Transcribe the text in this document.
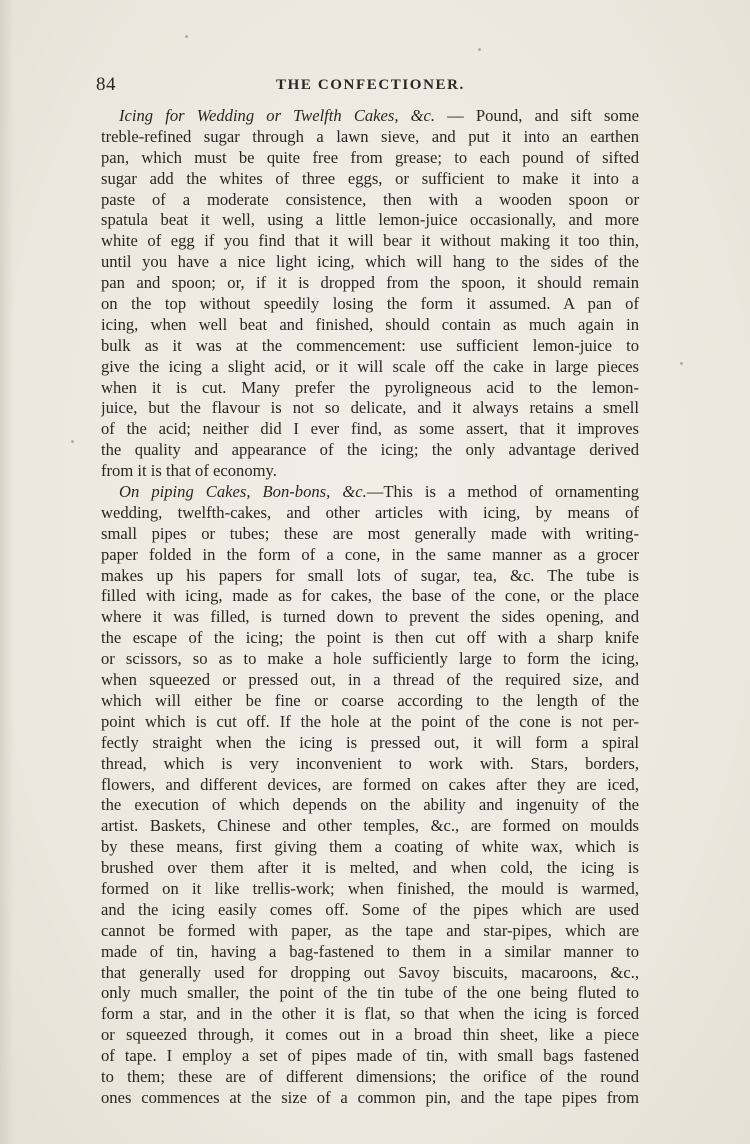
84	THE CONFECTIONER.
Icing for Wedding or Twelfth Cakes, &c. — Pound, and sift some
treble-refined sugar through a lawn sieve, and put it into an earthen
pan, which must be quite free from grease; to each pound of sifted
sugar add the whites of three eggs, or sufficient to make it into a
paste of a moderate consistence, then with a wooden spoon or
spatula beat it well, using a little lemon-juice occasionally, and more
white of egg if you find that it will bear it without making it too thin,
until you have a nice light icing, which will hang to the sides of the
pan and spoon; or, if it is dropped from the spoon, it should remain
on the top without speedily losing the form it assumed. A pan of
icing, when well beat and finished, should contain as much again in
bulk as it was at the commencement: use sufficient lemon-juice to
give the icing a slight acid, or it will scale off the cake in large pieces
when it is cut. Many prefer the pyroligneous acid to the lemon-
juice, but the flavour is not so delicate, and it always retains a smell
of the acid; neither did I ever find, as some assert, that it improves
the quality and appearance of the icing; the only advantage derived
from it is that of economy.
On piping Cakes, Bon-bons, &c.—This is a method of ornamenting
wedding, twelfth-cakes, and other articles with icing, by means of
small pipes or tubes; these are most generally made with writing-
paper folded in the form of a cone, in the same manner as a grocer
makes up his papers for small lots of sugar, tea, &c. The tube is
filled with icing, made as for cakes, the base of the cone, or the place
where it was filled, is turned down to prevent the sides opening, and
the escape of the icing; the point is then cut off with a sharp knife
or scissors, so as to make a hole sufficiently large to form the icing,
when squeezed or pressed out, in a thread of the required size, and
which will either be fine or coarse according to the length of the
point which is cut off. If the hole at the point of the cone is not per-
fectly straight when the icing is pressed out, it will form a spiral
thread, which is very inconvenient to work with. Stars, borders,
flowers, and different devices, are formed on cakes after they are iced,
the execution of which depends on the ability and ingenuity of the
artist. Baskets, Chinese and other temples, &c., are formed on moulds
by these means, first giving them a coating of white wax, which is
brushed over them after it is melted, and when cold, the icing is
formed on it like trellis-work; when finished, the mould is warmed,
and the icing easily comes off. Some of the pipes which are used
cannot be formed with paper, as the tape and star-pipes, which are
made of tin, having a bag-fastened to them in a similar manner to
that generally used for dropping out Savoy biscuits, macaroons, &c.,
only much smaller, the point of the tin tube of the one being fluted to
form a star, and in the other it is flat, so that when the icing is forced
or squeezed through, it comes out in a broad thin sheet, like a piece
of tape. I employ a set of pipes made of tin, with small bags fastened
to them; these are of different dimensions; the orifice of the round
ones commences at the size of a common pin, and the tape pipes from
